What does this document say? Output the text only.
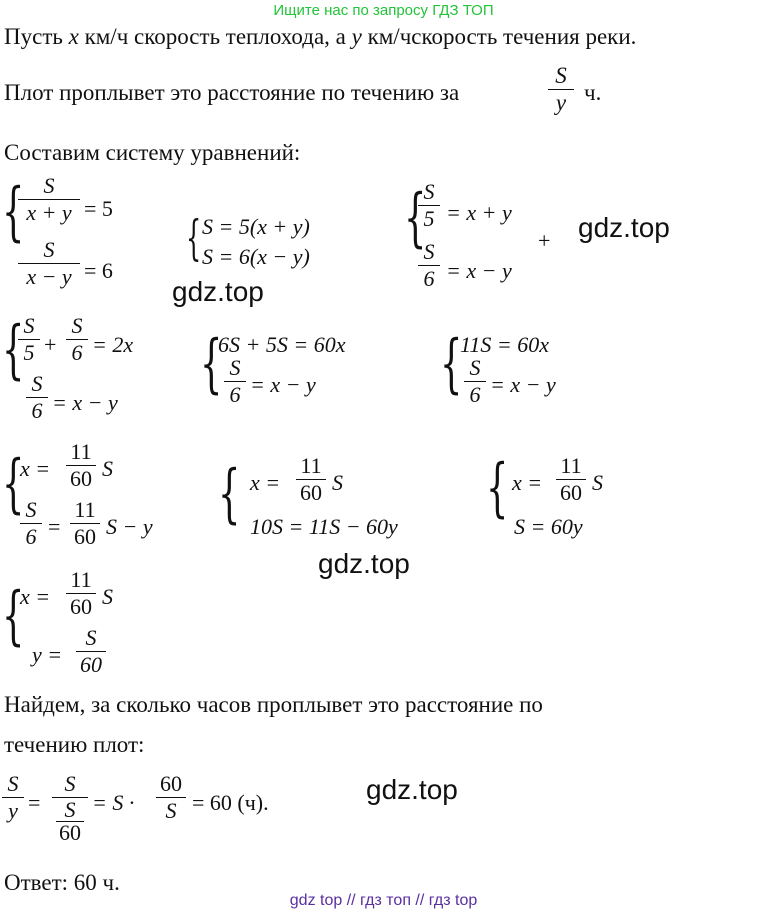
Ищите нас по запросу ГДЗ ТОП
Пусть x км/ч скорость теплохода, а y км/чскорость течения реки.
Плот проплывет это расстояние по течению за
S
y ч.
Составим систему уравнений:
{ S
x + y = 5
S
x − y = 6
{ S = 5(x + y)
S = 6(x − y)
gdz.top
{
S
5 = x + y
S
6 = x − y
+ gdz.top
{ S
5 +
S
6 = 2x
S
6 = x − y
{
6S + 5S = 60x
S
6 = x − y {
11S = 60x
S
6 = x − y
{
x =
11
60 S
S
6 =
11
60 S − y { x =
11
60 S
10S = 11S − 60y
{ x =
11
60 S
S = 60y
gdz.top
{
x =
11
60 S
y =
S
60
Найдем, за сколько часов проплывет это расстояние по
течению плот:
S
y =
S
S
60
= S ·
60
S = 60 (ч).	gdz.top
Ответ: 60 ч.
gdz top // гдз топ // гдз top
